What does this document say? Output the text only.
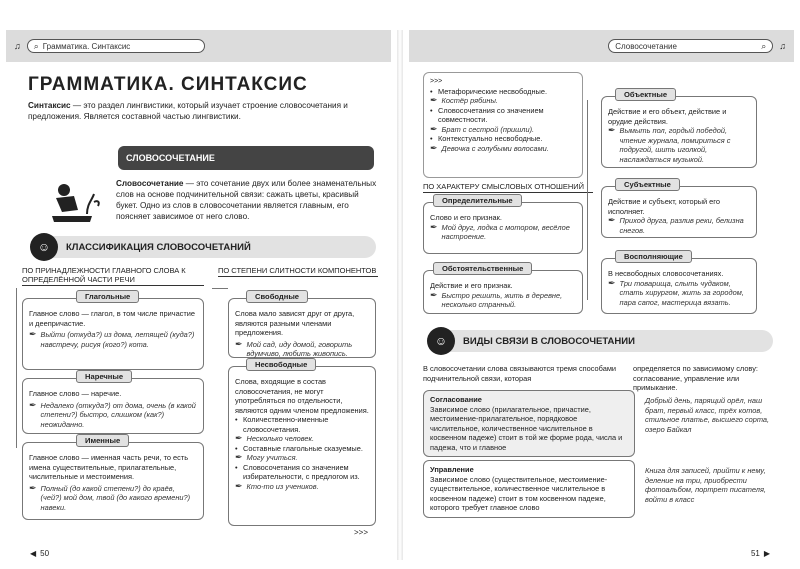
♫ ⌕ Грамматика. Синтаксис
ГРАММАТИКА. СИНТАКСИС
Синтаксис — это раздел лингвистики, который изучает строение словосочетания и предложения. Является составной частью лингвистики.
СЛОВОСОЧЕТАНИЕ
Словосочетание — это сочетание двух или более знаменательных слов на основе подчинительной связи: сажать цветы, красивый букет. Одно из слов в словосочетании является главным, его поясняет зависимое от него слово.
☺	КЛАССИФИКАЦИЯ СЛОВОСОЧЕТАНИЙ
ПО ПРИНАДЛЕЖНОСТИ ГЛАВНОГО СЛОВА К ОПРЕДЕЛЁННОЙ ЧАСТИ РЕЧИ
ПО СТЕПЕНИ СЛИТНОСТИ КОМПОНЕНТОВ
Главное слово — глагол, в том числе причастие и деепричастие.
✒ Выйти (откуда?) из дома, летящей (куда?) навстречу, рисуя (кого?) кота.
Глагольные
Главное слово — наречие.
✒ Недалеко (откуда?) от дома, очень (в какой степени?) быстро, слишком (как?) неожиданно.
Наречные
Главное слово — именная часть речи, то есть имена существительные, прилагательные, числительные и местоимения.
✒ Полный (до какой степени?) до краёв, (чей?) мой дом, твой (до какого времени?) навеки.
Именные
Слова мало зависят друг от друга, являются разными членами предложения.
✒ Мой сад, иду домой, говорить вдумчиво, любить живопись.
Свободные
Слова, входящие в состав словосочетания, не могут употребляться по отдельности, являются одним членом предложения.
• Количественно-именные словосочетания.
✒ Несколько человек.
• Составные глагольные сказуемые.
✒ Могу учиться.
• Словосочетания со значением избирательности, с предлогом из.
✒ Кто-то из учеников.
Несвободные
>>>
◀ 50
Словосочетание	⌕ ♫
>>>
• Метафорические несвободные.
✒ Костёр рябины.
• Словосочетания со значением совместности.
✒ Брат с сестрой (пришли).
• Контекстуально несвободные.
✒ Девочка с голубыми волосами.
ПО ХАРАКТЕРУ СМЫСЛОВЫХ ОТНОШЕНИЙ
Слово и его признак.
✒ Мой друг, лодка с мотором, весёлое настроение.
Определительные
Действие и его признак.
✒ Быстро решить, жить в деревне, несколько странный.
Обстоятельственные
Действие и его объект, действие и орудие действия.
✒ Вымыть пол, гордый победой, чтение журнала, помириться с подругой, шить иголкой, наслаждаться музыкой.
Объектные
Действие и субъект, который его исполняет.
✒ Приход друга, разлив реки, белизна снегов.
Субъектные
В несвободных словосочетаниях.
✒ Три товарища, слыть чудаком, стать хирургом, жить за городом, пара сапог, мастерица вязать.
Восполняющие
☺	ВИДЫ СВЯЗИ В СЛОВОСОЧЕТАНИИ
В словосочетании слова связываются тремя способами подчинительной связи, которая
определяется по зависимому слову: согласование, управление или примыкание.
Согласование
Зависимое слово (прилагательное, причастие, местоимение-прилагательное, порядковое числительное, количественное числительное в косвенном падеже) стоит в той же форме рода, числа и падежа, что и главное
Добрый день, парящий орёл, наш брат, первый класс, трёх котов, стильное платье, высшего сорта, озеро Байкал
Управление
Зависимое слово (существительное, местоимение-существительное, количественное числительное в косвенном падеже) стоит в том косвенном падеже, которого требует главное слово
Книга для записей, прийти к нему, деление на три, приобрести фотоальбом, портрет писателя, войти в класс
51 ▶
